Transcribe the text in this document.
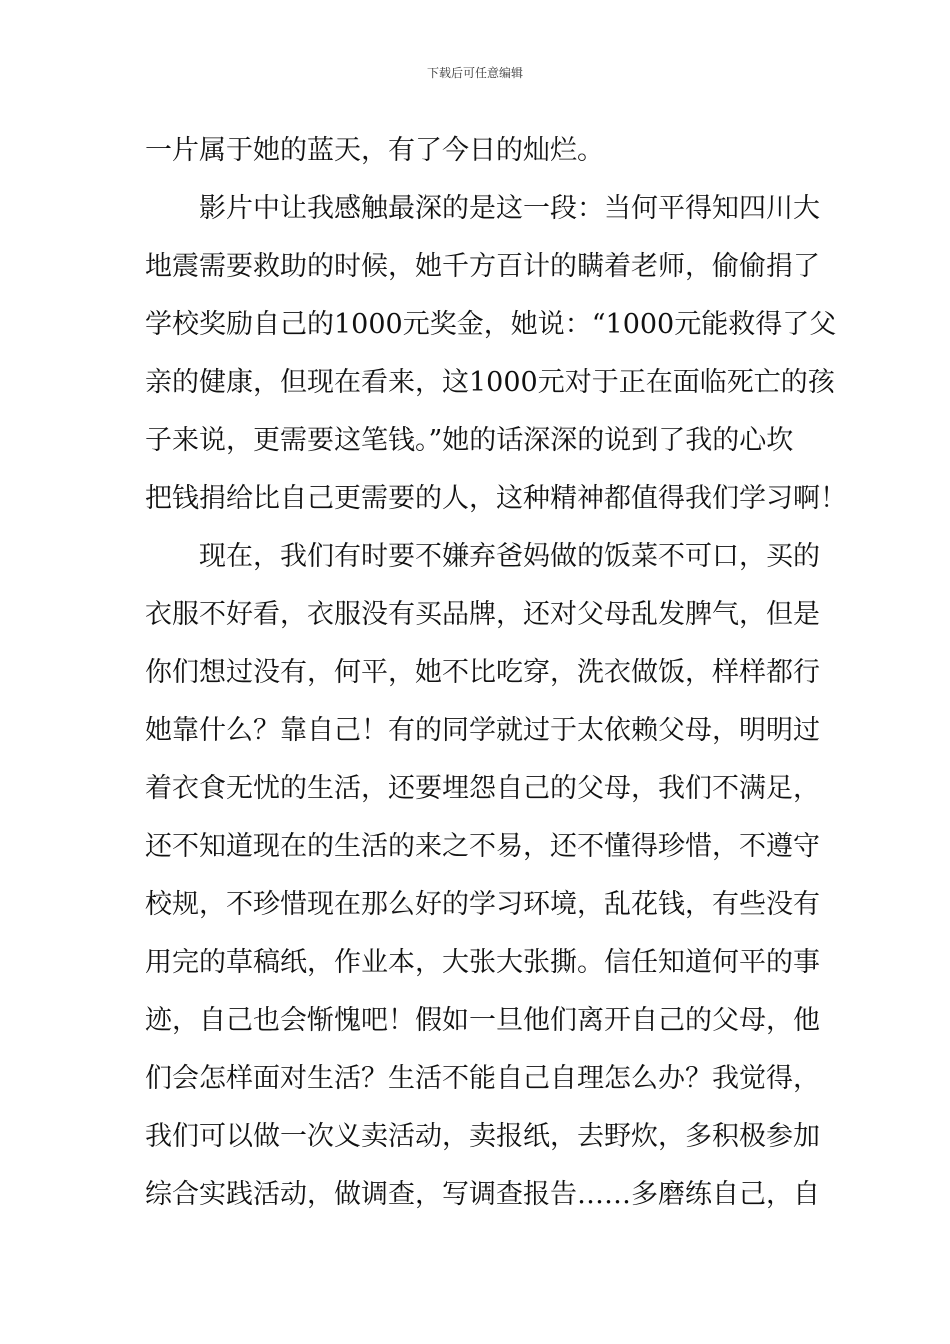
下载后可任意编辑
一片属于她的蓝天，有了今日的灿烂。
　　影片中让我感触最深的是这一段：当何平得知四川大
地震需要救助的时候，她千方百计的瞒着老师，偷偷捐了
学校奖励自己的1000元奖金，她说：“1000元能救得了父
亲的健康，但现在看来，这1000元对于正在面临死亡的孩
子来说，更需要这笔钱。”她的话深深的说到了我的心坎
把钱捐给比自己更需要的人，这种精神都值得我们学习啊！
　　现在，我们有时要不嫌弃爸妈做的饭菜不可口，买的
衣服不好看，衣服没有买品牌，还对父母乱发脾气，但是
你们想过没有，何平，她不比吃穿，洗衣做饭，样样都行
她靠什么？靠自己！有的同学就过于太依赖父母，明明过
着衣食无忧的生活，还要埋怨自己的父母，我们不满足，
还不知道现在的生活的来之不易，还不懂得珍惜，不遵守
校规，不珍惜现在那么好的学习环境，乱花钱，有些没有
用完的草稿纸，作业本，大张大张撕。信任知道何平的事
迹，自己也会惭愧吧！假如一旦他们离开自己的父母，他
们会怎样面对生活？生活不能自己自理怎么办？我觉得，
我们可以做一次义卖活动，卖报纸，去野炊，多积极参加
综合实践活动，做调查，写调查报告……多磨练自己，自
